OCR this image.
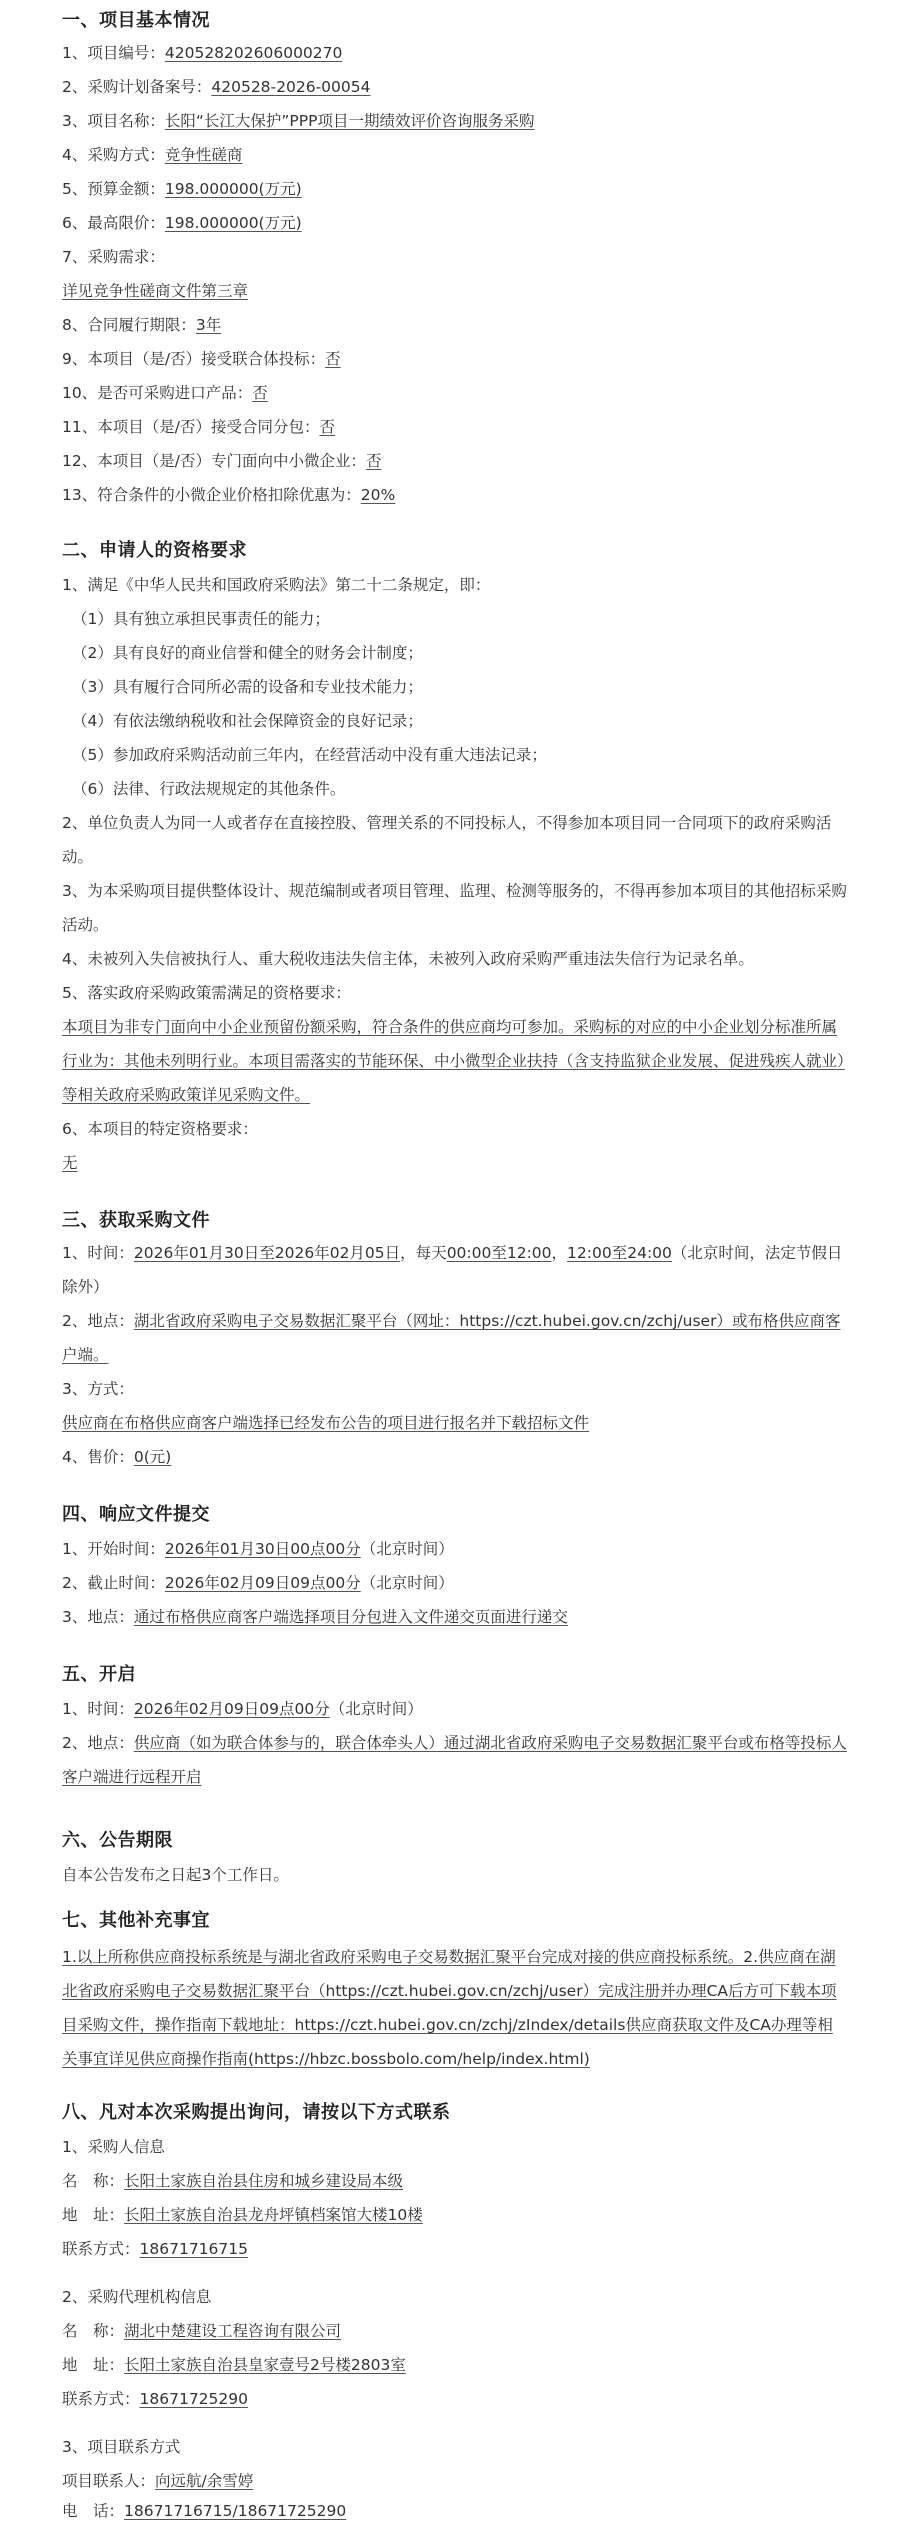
一、项目基本情况
1、项目编号：420528202606000270
2、采购计划备案号：420528-2026-00054
3、项目名称：长阳“长江大保护”PPP项目一期绩效评价咨询服务采购
4、采购方式：竞争性磋商
5、预算金额：198.000000(万元)
6、最高限价：198.000000(万元)
7、采购需求：
详见竞争性磋商文件第三章
8、合同履行期限：3年
9、本项目（是/否）接受联合体投标：否
10、是否可采购进口产品：否
11、本项目（是/否）接受合同分包：否
12、本项目（是/否）专门面向中小微企业：否
13、符合条件的小微企业价格扣除优惠为：20%
二、申请人的资格要求
1、满足《中华人民共和国政府采购法》第二十二条规定，即：
（1）具有独立承担民事责任的能力；
（2）具有良好的商业信誉和健全的财务会计制度；
（3）具有履行合同所必需的设备和专业技术能力；
（4）有依法缴纳税收和社会保障资金的良好记录；
（5）参加政府采购活动前三年内，在经营活动中没有重大违法记录；
（6）法律、行政法规规定的其他条件。
2、单位负责人为同一人或者存在直接控股、管理关系的不同投标人，不得参加本项目同一合同项下的政府采购活动。
3、为本采购项目提供整体设计、规范编制或者项目管理、监理、检测等服务的，不得再参加本项目的其他招标采购活动。
4、未被列入失信被执行人、重大税收违法失信主体，未被列入政府采购严重违法失信行为记录名单。
5、落实政府采购政策需满足的资格要求：
本项目为非专门面向中小企业预留份额采购，符合条件的供应商均可参加。采购标的对应的中小企业划分标准所属行业为：其他未列明行业。本项目需落实的节能环保、中小微型企业扶持（含支持监狱企业发展、促进残疾人就业）等相关政府采购政策详见采购文件。
6、本项目的特定资格要求：
无
三、获取采购文件
1、时间：2026年01月30日至2026年02月05日，每天00:00至12:00，12:00至24:00（北京时间，法定节假日除外）
2、地点：湖北省政府采购电子交易数据汇聚平台（网址：https://czt.hubei.gov.cn/zchj/user）或布格供应商客户端。
3、方式：
供应商在布格供应商客户端选择已经发布公告的项目进行报名并下载招标文件
4、售价：0(元)
四、响应文件提交
1、开始时间：2026年01月30日00点00分（北京时间）
2、截止时间：2026年02月09日09点00分（北京时间）
3、地点：通过布格供应商客户端选择项目分包进入文件递交页面进行递交
五、开启
1、时间：2026年02月09日09点00分（北京时间）
2、地点：供应商（如为联合体参与的，联合体牵头人）通过湖北省政府采购电子交易数据汇聚平台或布格等投标人客户端进行远程开启
六、公告期限
自本公告发布之日起3个工作日。
七、其他补充事宜
1.以上所称供应商投标系统是与湖北省政府采购电子交易数据汇聚平台完成对接的供应商投标系统。2.供应商在湖北省政府采购电子交易数据汇聚平台（https://czt.hubei.gov.cn/zchj/user）完成注册并办理CA后方可下载本项目采购文件，操作指南下载地址：https://czt.hubei.gov.cn/zchj/zIndex/details供应商获取文件及CA办理等相关事宜详见供应商操作指南(https://hbzc.bossbolo.com/help/index.html)
八、凡对本次采购提出询问，请按以下方式联系
1、采购人信息
名　称：长阳土家族自治县住房和城乡建设局本级
地　址：长阳土家族自治县龙舟坪镇档案馆大楼10楼
联系方式：18671716715
2、采购代理机构信息
名　称：湖北中楚建设工程咨询有限公司
地　址：长阳土家族自治县皇家壹号2号楼2803室
联系方式：18671725290
3、项目联系方式
项目联系人：向远航/余雪婷
电　话：18671716715/18671725290
